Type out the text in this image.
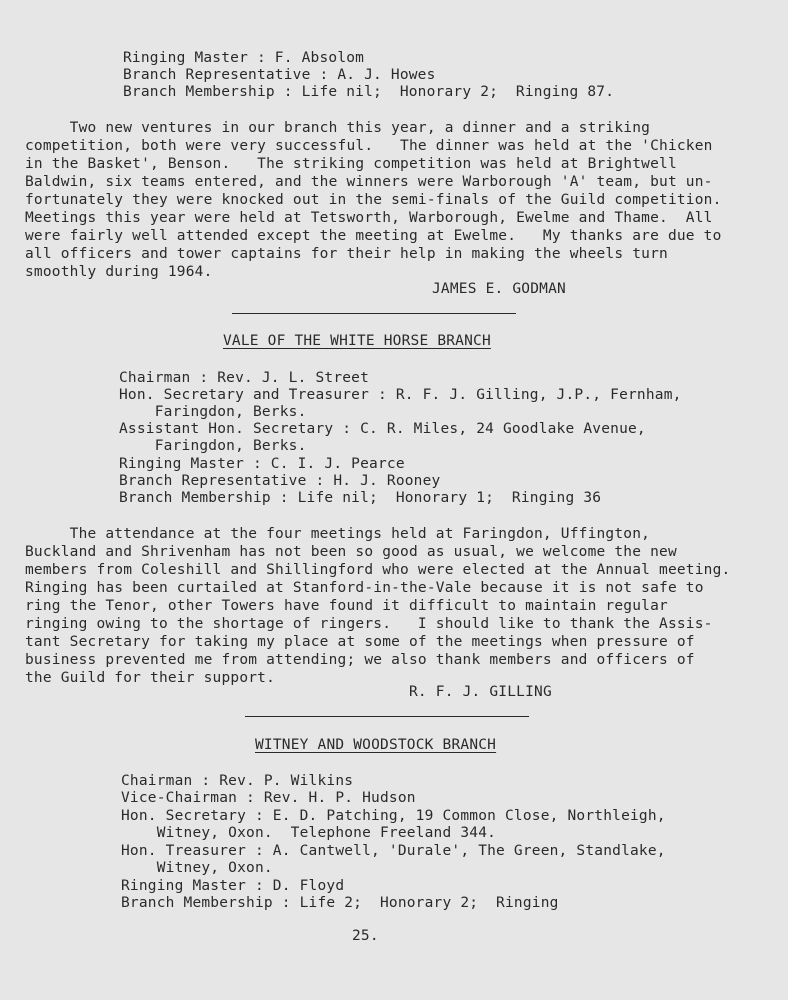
Ringing Master : F. Absolom
Branch Representative : A. J. Howes
Branch Membership : Life nil;  Honorary 2;  Ringing 87.
Two new ventures in our branch this year, a dinner and a striking
competition, both were very successful.   The dinner was held at the 'Chicken
in the Basket', Benson.   The striking competition was held at Brightwell
Baldwin, six teams entered, and the winners were Warborough 'A' team, but un-
fortunately they were knocked out in the semi-finals of the Guild competition.
Meetings this year were held at Tetsworth, Warborough, Ewelme and Thame.  All
were fairly well attended except the meeting at Ewelme.   My thanks are due to
all officers and tower captains for their help in making the wheels turn
smoothly during 1964.
JAMES E. GODMAN
VALE OF THE WHITE HORSE BRANCH
Chairman : Rev. J. L. Street
Hon. Secretary and Treasurer : R. F. J. Gilling, J.P., Fernham,
Faringdon, Berks.
Assistant Hon. Secretary : C. R. Miles, 24 Goodlake Avenue,
Faringdon, Berks.
Ringing Master : C. I. J. Pearce
Branch Representative : H. J. Rooney
Branch Membership : Life nil;  Honorary 1;  Ringing 36
The attendance at the four meetings held at Faringdon, Uffington,
Buckland and Shrivenham has not been so good as usual, we welcome the new
members from Coleshill and Shillingford who were elected at the Annual meeting.
Ringing has been curtailed at Stanford-in-the-Vale because it is not safe to
ring the Tenor, other Towers have found it difficult to maintain regular
ringing owing to the shortage of ringers.   I should like to thank the Assis-
tant Secretary for taking my place at some of the meetings when pressure of
business prevented me from attending; we also thank members and officers of
the Guild for their support.
R. F. J. GILLING
WITNEY AND WOODSTOCK BRANCH
Chairman : Rev. P. Wilkins
Vice-Chairman : Rev. H. P. Hudson
Hon. Secretary : E. D. Patching, 19 Common Close, Northleigh,
Witney, Oxon.  Telephone Freeland 344.
Hon. Treasurer : A. Cantwell, 'Durale', The Green, Standlake,
Witney, Oxon.
Ringing Master : D. Floyd
Branch Membership : Life 2;  Honorary 2;  Ringing
25.
